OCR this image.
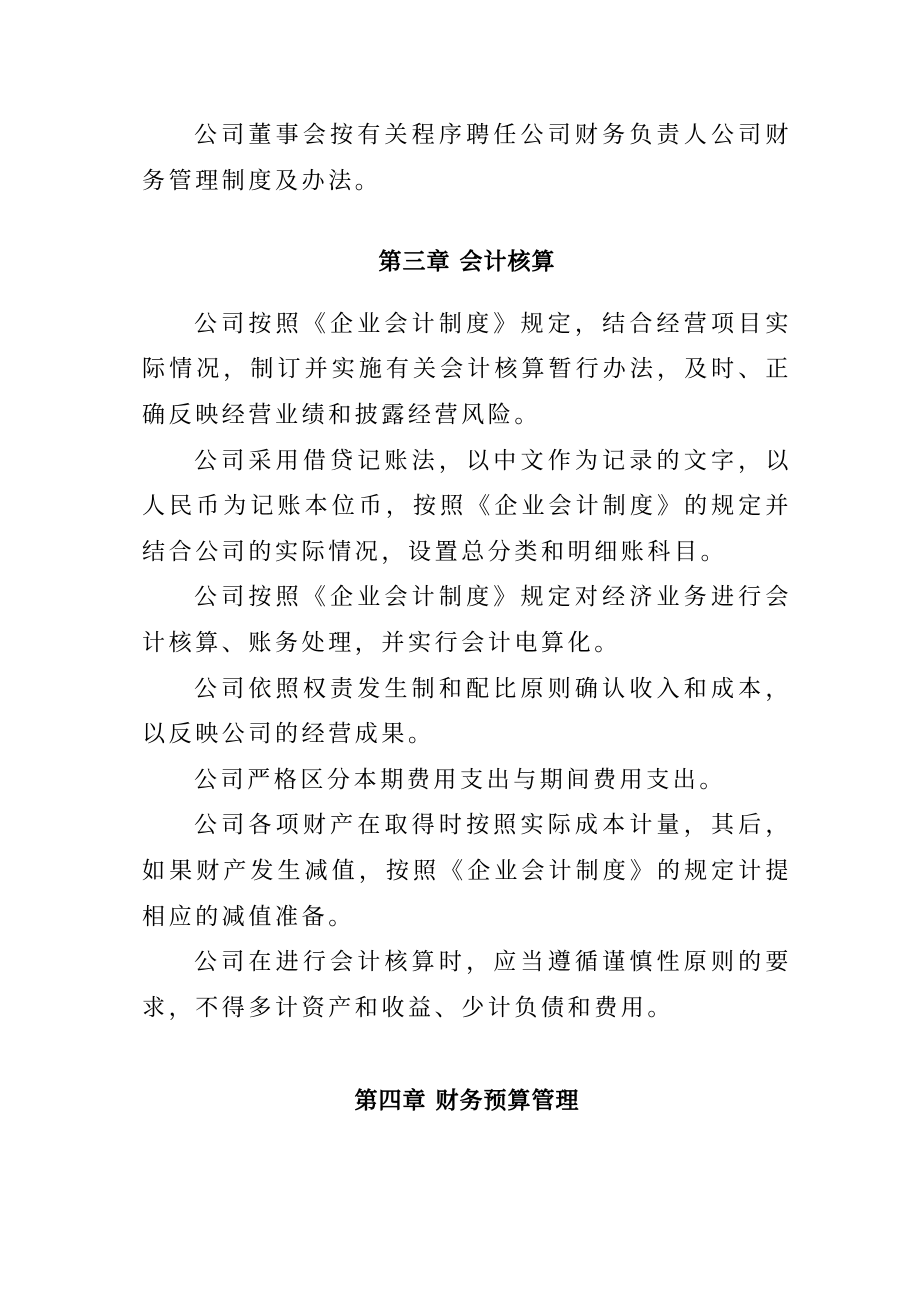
公司董事会按有关程序聘任公司财务负责人公司财务管理制度及办法。

第三章 会计核算

公司按照《企业会计制度》规定，结合经营项目实际情况，制订并实施有关会计核算暂行办法，及时、正确反映经营业绩和披露经营风险。

公司采用借贷记账法，以中文作为记录的文字，以人民币为记账本位币，按照《企业会计制度》的规定并结合公司的实际情况，设置总分类和明细账科目。

公司按照《企业会计制度》规定对经济业务进行会计核算、账务处理，并实行会计电算化。

公司依照权责发生制和配比原则确认收入和成本，以反映公司的经营成果。

公司严格区分本期费用支出与期间费用支出。

公司各项财产在取得时按照实际成本计量，其后，如果财产发生减值，按照《企业会计制度》的规定计提相应的减值准备。

公司在进行会计核算时，应当遵循谨慎性原则的要求，不得多计资产和收益、少计负债和费用。

第四章 财务预算管理
